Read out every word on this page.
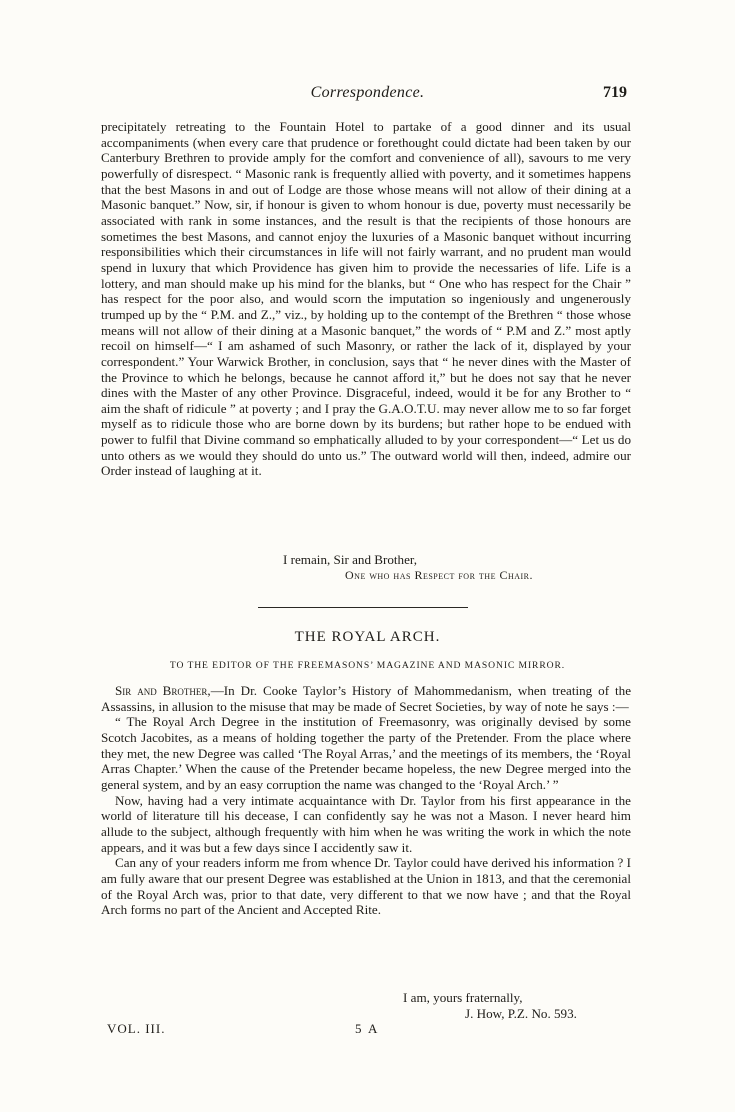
Correspondence.	719

precipitately retreating to the Fountain Hotel to partake of a good dinner and its usual accompaniments (when every care that prudence or forethought could dictate had been taken by our Canterbury Brethren to provide amply for the comfort and convenience of all), savours to me very powerfully of disrespect. “ Masonic rank is frequently allied with poverty, and it sometimes happens that the best Masons in and out of Lodge are those whose means will not allow of their dining at a Masonic banquet.” Now, sir, if honour is given to whom honour is due, poverty must necessarily be associated with rank in some instances, and the result is that the recipients of those honours are sometimes the best Masons, and cannot enjoy the luxuries of a Masonic banquet without incurring responsibilities which their circumstances in life will not fairly warrant, and no prudent man would spend in luxury that which Providence has given him to provide the necessaries of life. Life is a lottery, and man should make up his mind for the blanks, but “ One who has respect for the Chair ” has respect for the poor also, and would scorn the imputation so ingeniously and ungenerously trumped up by the “ P.M. and Z.,” viz., by holding up to the contempt of the Brethren “ those whose means will not allow of their dining at a Masonic banquet,” the words of “ P.M and Z.” most aptly recoil on himself—“ I am ashamed of such Masonry, or rather the lack of it, displayed by your correspondent.” Your Warwick Brother, in conclusion, says that “ he never dines with the Master of the Province to which he belongs, because he cannot afford it,” but he does not say that he never dines with the Master of any other Province. Disgraceful, indeed, would it be for any Brother to “ aim the shaft of ridicule ” at poverty ; and I pray the G.A.O.T.U. may never allow me to so far forget myself as to ridicule those who are borne down by its burdens; but rather hope to be endued with power to fulfil that Divine command so emphatically alluded to by your correspondent—“ Let us do unto others as we would they should do unto us.” The outward world will then, indeed, admire our Order instead of laughing at it.

I remain, Sir and Brother,
One who has Respect for the Chair.
THE ROYAL ARCH.
TO THE EDITOR OF THE FREEMASONS’ MAGAZINE AND MASONIC MIRROR.

Sir and Brother,—In Dr. Cooke Taylor’s History of Mahommedanism, when treating of the Assassins, in allusion to the misuse that may be made of Secret Societies, by way of note he says :—

“ The Royal Arch Degree in the institution of Freemasonry, was originally devised by some Scotch Jacobites, as a means of holding together the party of the Pretender. From the place where they met, the new Degree was called ‘The Royal Arras,’ and the meetings of its members, the ‘Royal Arras Chapter.’ When the cause of the Pretender became hopeless, the new Degree merged into the general system, and by an easy corruption the name was changed to the ‘Royal Arch.’ ”

Now, having had a very intimate acquaintance with Dr. Taylor from his first appearance in the world of literature till his decease, I can confidently say he was not a Mason. I never heard him allude to the subject, although frequently with him when he was writing the work in which the note appears, and it was but a few days since I accidently saw it.

Can any of your readers inform me from whence Dr. Taylor could have derived his information ? I am fully aware that our present Degree was established at the Union in 1813, and that the ceremonial of the Royal Arch was, prior to that date, very different to that we now have ; and that the Royal Arch forms no part of the Ancient and Accepted Rite.

I am, yours fraternally,
J. How, P.Z. No. 593.
VOL. III.	5 A
